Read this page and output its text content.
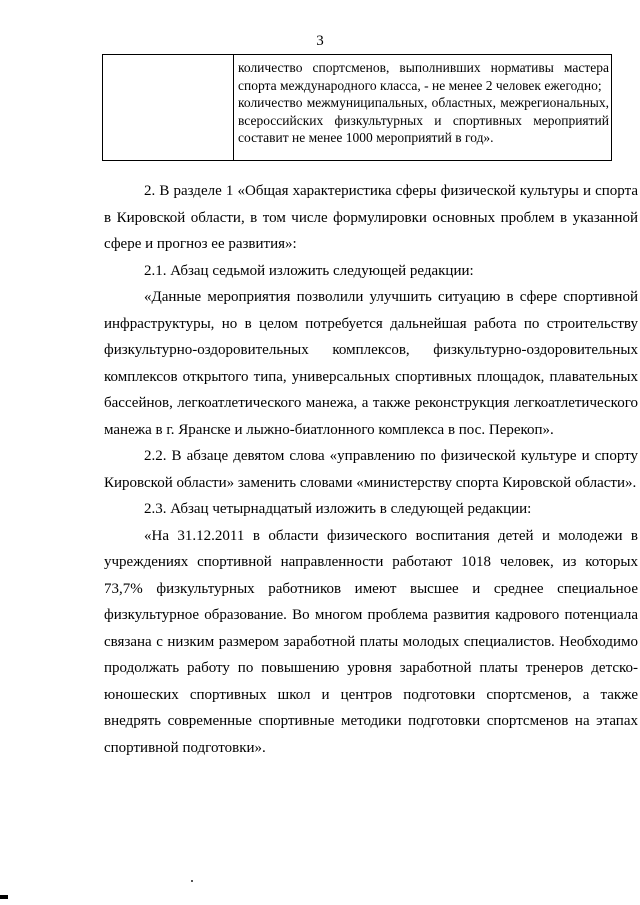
3

количество спортсменов, выполнивших нормативы мастера спорта международного класса, - не менее 2 человек ежегодно;

количество межмуниципальных, областных, межрегиональных, всероссийских физкультурных и спортивных мероприятий составит не менее 1000 мероприятий в год».

2. В разделе 1 «Общая характеристика сферы физической культуры и спорта в Кировской области, в том числе формулировки основных проблем в указанной сфере и прогноз ее развития»:

2.1. Абзац седьмой изложить следующей редакции:

«Данные мероприятия позволили улучшить ситуацию в сфере спортивной инфраструктуры, но в целом потребуется дальнейшая работа по строительству физкультурно-оздоровительных комплексов, физкультурно-оздоровительных комплексов открытого типа, универсальных спортивных площадок, плавательных бассейнов, легкоатлетического манежа, а также реконструкция легкоатлетического манежа в г. Яранске и лыжно-биатлонного комплекса в пос. Перекоп».

2.2. В абзаце девятом слова «управлению по физической культуре и спорту Кировской области» заменить словами «министерству спорта Кировской области».

2.3. Абзац четырнадцатый изложить в следующей редакции:

«На 31.12.2011 в области физического воспитания детей и молодежи в учреждениях спортивной направленности работают 1018 человек, из которых 73,7% физкультурных работников имеют высшее и среднее специальное физкультурное образование. Во многом проблема развития кадрового потенциала связана с низким размером заработной платы молодых специалистов. Необходимо продолжать работу по повышению уровня заработной платы тренеров детско-юношеских спортивных школ и центров подготовки спортсменов, а также внедрять современные спортивные методики подготовки спортсменов на этапах спортивной подготовки».
